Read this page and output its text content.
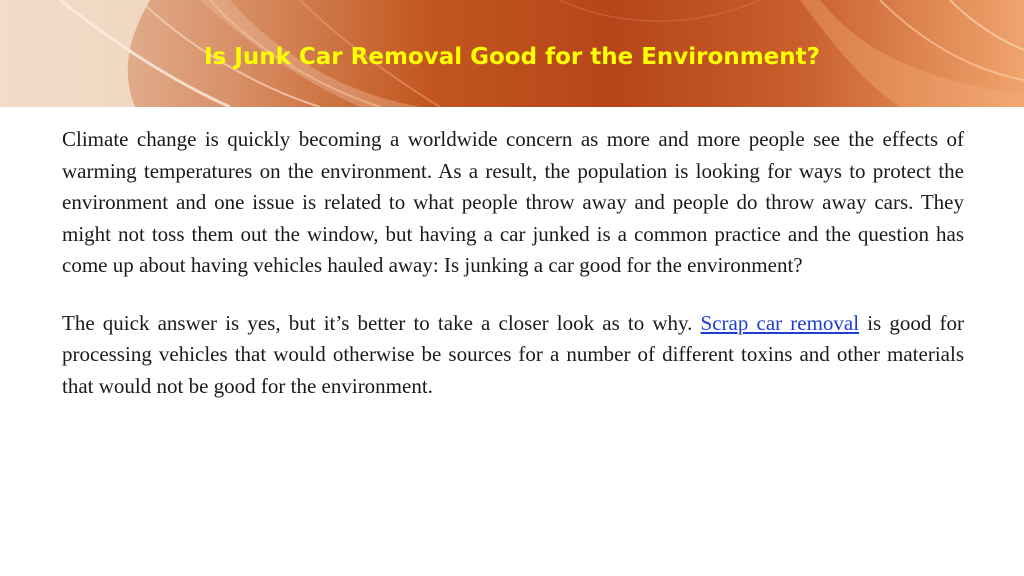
Is Junk Car Removal Good for the Environment?

Climate change is quickly becoming a worldwide concern as more and more people see the effects of warming temperatures on the environment. As a result, the population is looking for ways to protect the environment and one issue is related to what people throw away and people do throw away cars. They might not toss them out the window, but having a car junked is a common practice and the question has come up about having vehicles hauled away: Is junking a car good for the environment?

The quick answer is yes, but it’s better to take a closer look as to why. Scrap car removal is good for processing vehicles that would otherwise be sources for a number of different toxins and other materials that would not be good for the environment.
